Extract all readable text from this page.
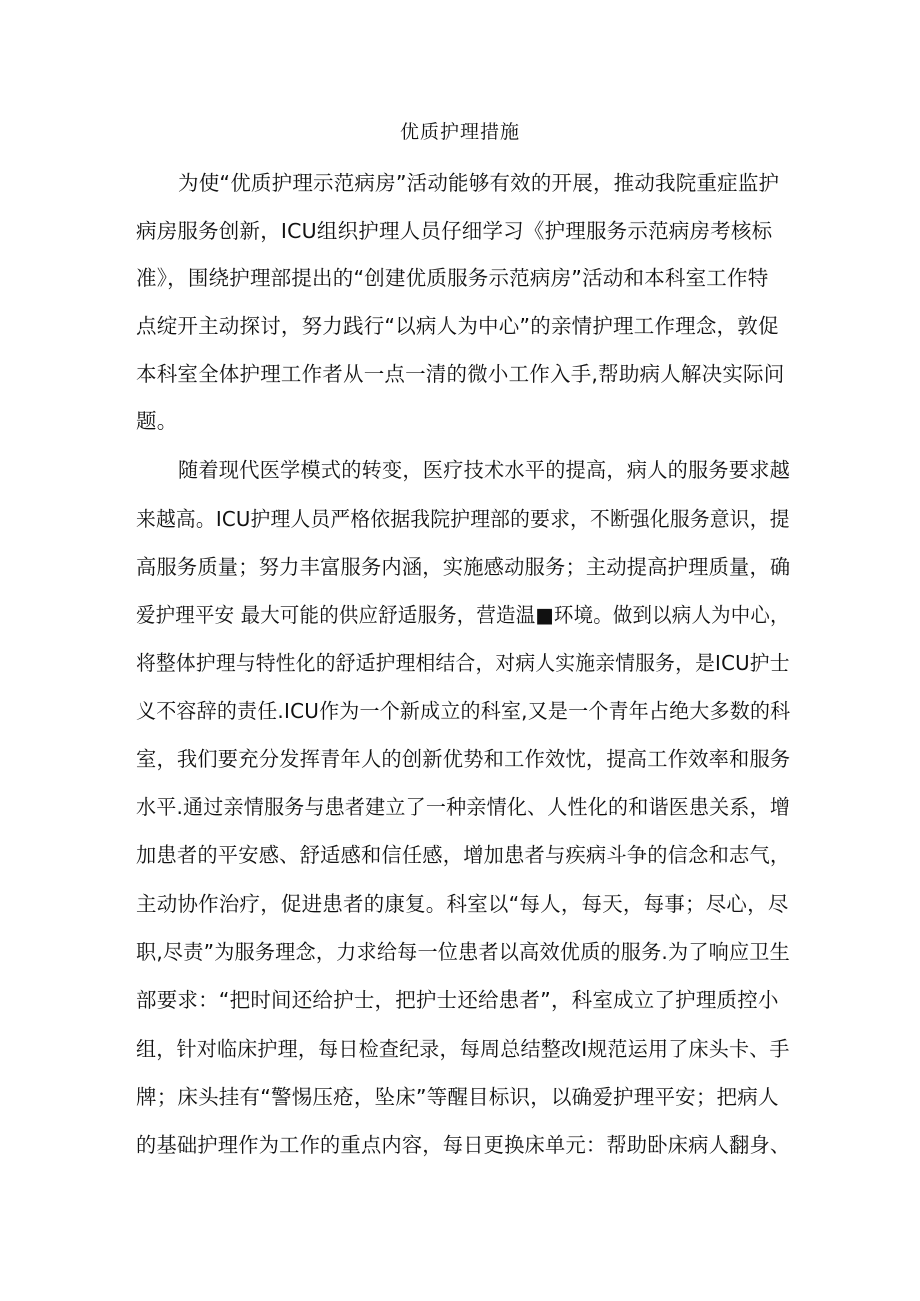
优质护理措施
为使“优质护理示范病房”活动能够有效的开展，推动我院重症监护
病房服务创新，ICU组织护理人员仔细学习《护理服务示范病房考核标
准》，围绕护理部提出的“创建优质服务示范病房”活动和本科室工作特
点绽开主动探讨，努力践行“以病人为中心”的亲情护理工作理念，敦促
本科室全体护理工作者从一点一清的微小工作入手,帮助病人解决实际问
题。
随着现代医学模式的转变，医疗技术水平的提高，病人的服务要求越
来越高。ICU护理人员严格依据我院护理部的要求，不断强化服务意识，提
高服务质量；努力丰富服务内涵，实施感动服务；主动提高护理质量，确
爱护理平安 最大可能的供应舒适服务，营造温■环境。做到以病人为中心，
将整体护理与特性化的舒适护理相结合，对病人实施亲情服务，是ICU护士
义不容辞的责任.ICU作为一个新成立的科室,又是一个青年占绝大多数的科
室，我们要充分发挥青年人的创新优势和工作效忱，提高工作效率和服务
水平.通过亲情服务与患者建立了一种亲情化、人性化的和谐医患关系，增
加患者的平安感、舒适感和信任感，增加患者与疾病斗争的信念和志气，
主动协作治疗，促进患者的康复。科室以“每人，每天，每事；尽心，尽
职,尽责”为服务理念，力求给每一位患者以高效优质的服务.为了响应卫生
部要求：“把时间还给护士，把护士还给患者”，科室成立了护理质控小
组，针对临床护理，每日检查纪录，每周总结整改I规范运用了床头卡、手
牌；床头挂有“警惕压疮，坠床”等醒目标识，以确爱护理平安；把病人
的基础护理作为工作的重点内容，每日更换床单元：帮助卧床病人翻身、
